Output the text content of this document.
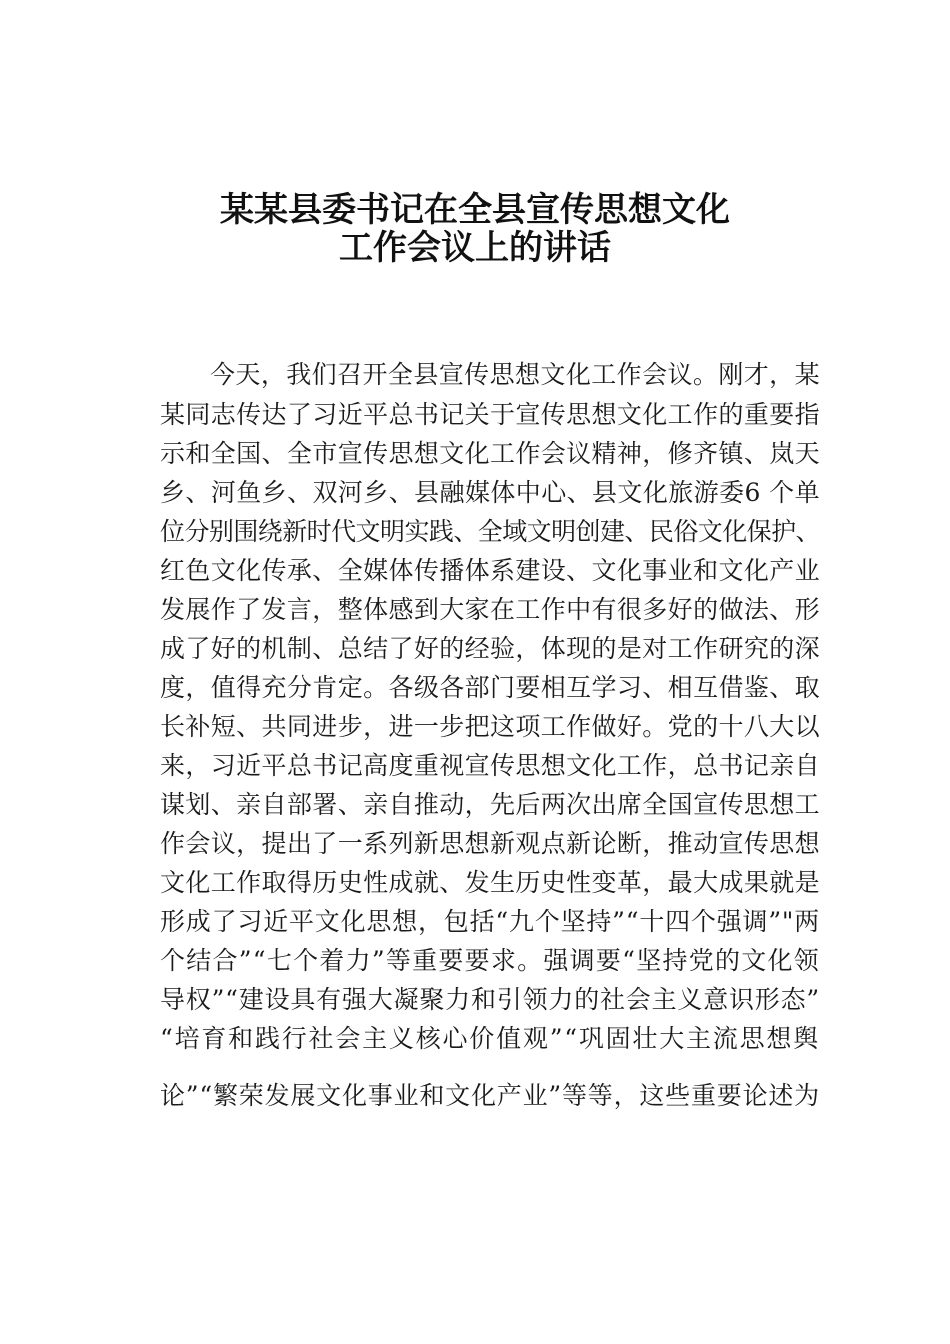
某某县委书记在全县宣传思想文化
工作会议上的讲话
今天，我们召开全县宣传思想文化工作会议。刚才，某
某同志传达了习近平总书记关于宣传思想文化工作的重要指
示和全国、全市宣传思想文化工作会议精神，修齐镇、岚天
乡、河鱼乡、双河乡、县融媒体中心、县文化旅游委6 个单
位分别围绕新时代文明实践、全域文明创建、民俗文化保护、
红色文化传承、全媒体传播体系建设、文化事业和文化产业
发展作了发言，整体感到大家在工作中有很多好的做法、形
成了好的机制、总结了好的经验，体现的是对工作研究的深
度，值得充分肯定。各级各部门要相互学习、相互借鉴、取
长补短、共同进步，进一步把这项工作做好。党的十八大以
来，习近平总书记高度重视宣传思想文化工作，总书记亲自
谋划、亲自部署、亲自推动，先后两次出席全国宣传思想工
作会议，提出了一系列新思想新观点新论断，推动宣传思想
文化工作取得历史性成就、发生历史性变革，最大成果就是
形成了习近平文化思想，包括“九个坚持”“十四个强调”"两
个结合”“七个着力”等重要要求。强调要“坚持党的文化领
导权”“建设具有强大凝聚力和引领力的社会主义意识形态”
“培育和践行社会主义核心价值观”“巩固壮大主流思想舆
论”“繁荣发展文化事业和文化产业”等等，这些重要论述为
